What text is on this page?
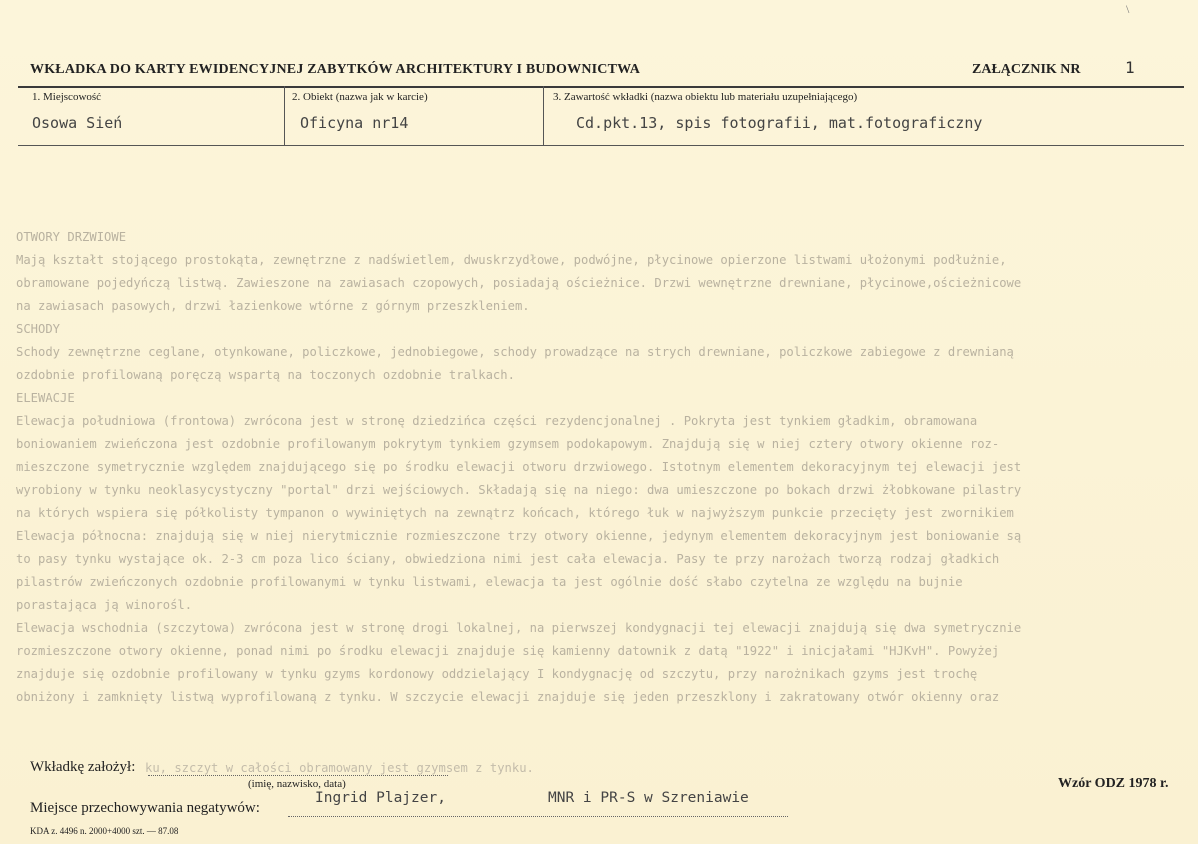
\
WKŁADKA DO KARTY EWIDENCYJNEJ ZABYTKÓW ARCHITEKTURY I BUDOWNICTWA	ZAŁĄCZNIK NR	1
1. Miejscowość
Osowa Sień
2. Obiekt (nazwa jak w karcie)
Oficyna nr14
3. Zawartość wkładki (nazwa obiektu lub materiału uzupełniającego)
Cd.pkt.13, spis fotografii, mat.fotograficzny
OTWORY DRZWIOWE
Mają kształt stojącego prostokąta, zewnętrzne z nadświetlem, dwuskrzydłowe, podwójne, płycinowe opierzone listwami ułożonymi podłużnie,
obramowane pojedyńczą listwą. Zawieszone na zawiasach czopowych, posiadają ościeżnice. Drzwi wewnętrzne drewniane, płycinowe,ościeżnicowe
na zawiasach pasowych, drzwi łazienkowe wtórne z górnym przeszkleniem.
SCHODY
Schody zewnętrzne ceglane, otynkowane, policzkowe, jednobiegowe, schody prowadzące na strych drewniane, policzkowe zabiegowe z drewnianą
ozdobnie profilowaną poręczą wspartą na toczonych ozdobnie tralkach.
ELEWACJE
Elewacja południowa (frontowa) zwrócona jest w stronę dziedzińca części rezydencjonalnej . Pokryta jest tynkiem gładkim, obramowana
boniowaniem zwieńczona jest ozdobnie profilowanym pokrytym tynkiem gzymsem podokapowym. Znajdują się w niej cztery otwory okienne roz-
mieszczone symetrycznie względem znajdującego się po środku elewacji otworu drzwiowego. Istotnym elementem dekoracyjnym tej elewacji jest
wyrobiony w tynku neoklasycystyczny "portal" drzi wejściowych. Składają się na niego: dwa umieszczone po bokach drzwi żłobkowane pilastry
na których wspiera się półkolisty tympanon o wywiniętych na zewnątrz końcach, którego łuk w najwyższym punkcie przecięty jest zwornikiem
Elewacja północna: znajdują się w niej nierytmicznie rozmieszczone trzy otwory okienne, jedynym elementem dekoracyjnym jest boniowanie są
to pasy tynku wystające ok. 2-3 cm poza lico ściany, obwiedziona nimi jest cała elewacja. Pasy te przy narożach tworzą rodzaj gładkich
pilastrów zwieńczonych ozdobnie profilowanymi w tynku listwami, elewacja ta jest ogólnie dość słabo czytelna ze względu na bujnie
porastająca ją winorośl.
Elewacja wschodnia (szczytowa) zwrócona jest w stronę drogi lokalnej, na pierwszej kondygnacji tej elewacji znajdują się dwa symetrycznie
rozmieszczone otwory okienne, ponad nimi po środku elewacji znajduje się kamienny datownik z datą "1922" i inicjałami "HJKvH". Powyżej
znajduje się ozdobnie profilowany w tynku gzyms kordonowy oddzielający I kondygnację od szczytu, przy narożnikach gzyms jest trochę
obniżony i zamknięty listwą wyprofilowaną z tynku. W szczycie elewacji znajduje się jeden przeszklony i zakratowany otwór okienny oraz
Wkładkę założył: ku, szczyt w całości obramowany jest gzymsem z tynku.
(imię, nazwisko, data)
Miejsce przechowywania negatywów:
Ingrid Plajzer,	MNR i PR-S w Szreniawie
Wzór ODZ 1978 r.
KDA z. 4496 n. 2000+4000 szt. — 87.08
